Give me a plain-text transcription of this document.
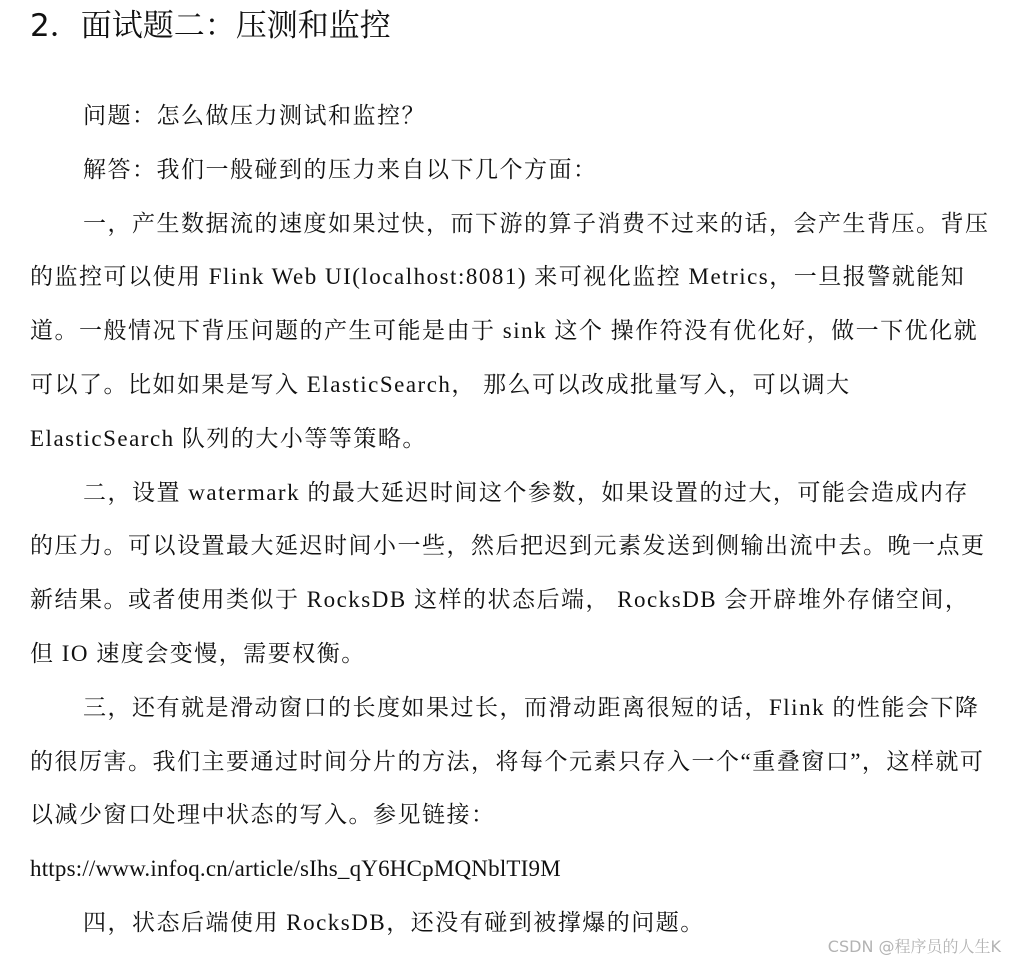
2．面试题二：压测和监控

问题：怎么做压力测试和监控？

解答：我们一般碰到的压力来自以下几个方面：

一，产生数据流的速度如果过快，而下游的算子消费不过来的话，会产生背压。背压的监控可以使用 Flink Web UI(localhost:8081) 来可视化监控 Metrics，一旦报警就能知道。一般情况下背压问题的产生可能是由于 sink 这个 操作符没有优化好，做一下优化就可以了。比如如果是写入 ElasticSearch， 那么可以改成批量写入，可以调大 ElasticSearch 队列的大小等等策略。

二，设置 watermark 的最大延迟时间这个参数，如果设置的过大，可能会造成内存的压力。可以设置最大延迟时间小一些，然后把迟到元素发送到侧输出流中去。晚一点更新结果。或者使用类似于 RocksDB 这样的状态后端， RocksDB 会开辟堆外存储空间，但 IO 速度会变慢，需要权衡。

三，还有就是滑动窗口的长度如果过长，而滑动距离很短的话，Flink 的性能会下降的很厉害。我们主要通过时间分片的方法，将每个元素只存入一个“重叠窗口”，这样就可以减少窗口处理中状态的写入。参见链接：

https://www.infoq.cn/article/sIhs_qY6HCpMQNblTI9M

四，状态后端使用 RocksDB，还没有碰到被撑爆的问题。

CSDN @程序员的人生K
